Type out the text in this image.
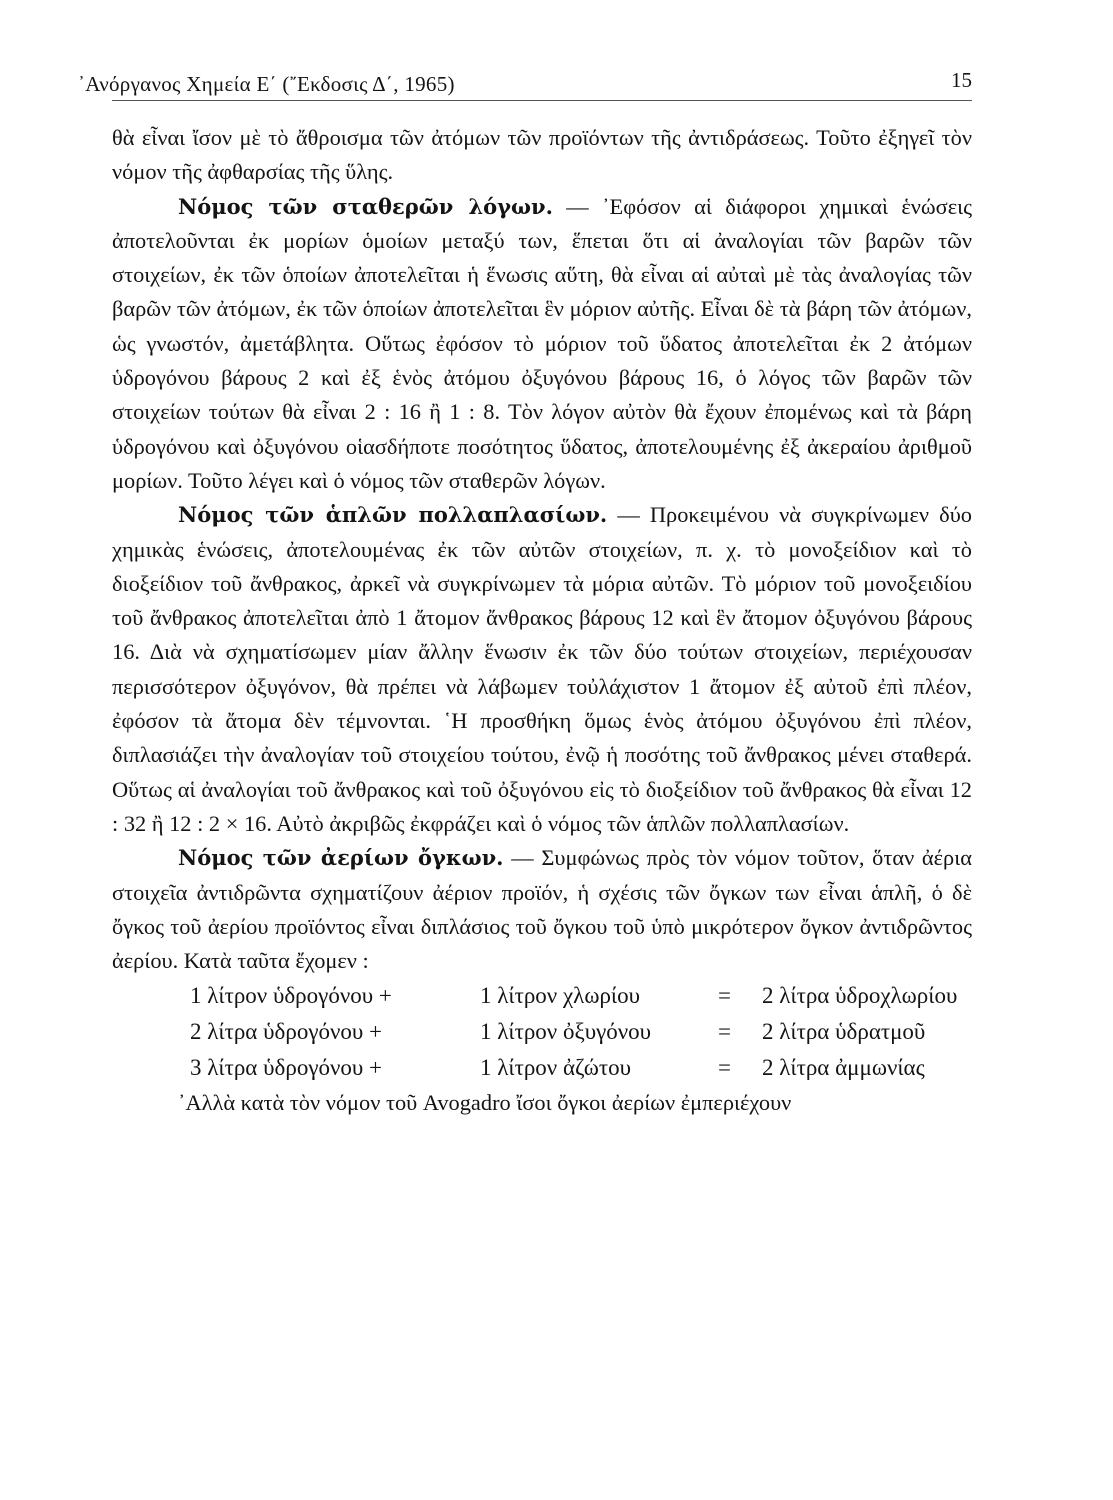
᾽Ανόργανος Χημεία Ε΄ (῎Εκδοσις Δ΄, 1965)	15

θὰ εἶναι ἴσον μὲ τὸ ἄθροισμα τῶν ἀτόμων τῶν προϊόντων τῆς ἀντιδράσεως. Τοῦτο ἐξηγεῖ τὸν νόμον τῆς ἀφθαρσίας τῆς ὕλης.

Νόμος τῶν σταθερῶν λόγων. — ᾽Εφόσον αἱ διάφοροι χημικαὶ ἑνώσεις ἀποτελοῦνται ἐκ μορίων ὁμοίων μεταξύ των, ἕπεται ὅτι αἱ ἀναλογίαι τῶν βαρῶν τῶν στοιχείων, ἐκ τῶν ὁποίων ἀποτελεῖται ἡ ἕνωσις αὕτη, θὰ εἶναι αἱ αὐταὶ μὲ τὰς ἀναλογίας τῶν βαρῶν τῶν ἀτόμων, ἐκ τῶν ὁποίων ἀποτελεῖται ἓν μόριον αὐτῆς. Εἶναι δὲ τὰ βάρη τῶν ἀτόμων, ὡς γνωστόν, ἀμετάβλητα. Οὕτως ἐφόσον τὸ μόριον τοῦ ὕδατος ἀποτελεῖται ἐκ 2 ἀτόμων ὑδρογόνου βάρους 2 καὶ ἐξ ἑνὸς ἀτόμου ὀξυγόνου βάρους 16, ὁ λόγος τῶν βαρῶν τῶν στοιχείων τούτων θὰ εἶναι 2 : 16 ἢ 1 : 8. Τὸν λόγον αὐτὸν θὰ ἔχουν ἐπομένως καὶ τὰ βάρη ὑδρογόνου καὶ ὀξυγόνου οἱασδήποτε ποσότητος ὕδατος, ἀποτελουμένης ἐξ ἀκεραίου ἀριθμοῦ μορίων. Τοῦτο λέγει καὶ ὁ νόμος τῶν σταθερῶν λόγων.

Νόμος τῶν ἁπλῶν πολλαπλασίων. — Προκειμένου νὰ συγκρίνωμεν δύο χημικὰς ἑνώσεις, ἀποτελουμένας ἐκ τῶν αὐτῶν στοιχείων, π. χ. τὸ μονοξείδιον καὶ τὸ διοξείδιον τοῦ ἄνθρακος, ἀρκεῖ νὰ συγκρίνωμεν τὰ μόρια αὐτῶν. Τὸ μόριον τοῦ μονοξειδίου τοῦ ἄνθρακος ἀποτελεῖται ἀπὸ 1 ἄτομον ἄνθρακος βάρους 12 καὶ ἓν ἄτομον ὀξυγόνου βάρους 16. Διὰ νὰ σχηματίσωμεν μίαν ἄλλην ἕνωσιν ἐκ τῶν δύο τούτων στοιχείων, περιέχουσαν περισσότερον ὀξυγόνον, θὰ πρέπει νὰ λάβωμεν τοὐλάχιστον 1 ἄτομον ἐξ αὐτοῦ ἐπὶ πλέον, ἐφόσον τὰ ἄτομα δὲν τέμνονται. ῾Η προσθήκη ὅμως ἑνὸς ἀτόμου ὀξυγόνου ἐπὶ πλέον, διπλασιάζει τὴν ἀναλογίαν τοῦ στοιχείου τούτου, ἐνῷ ἡ ποσότης τοῦ ἄνθρακος μένει σταθερά. Οὕτως αἱ ἀναλογίαι τοῦ ἄνθρακος καὶ τοῦ ὀξυγόνου εἰς τὸ διοξείδιον τοῦ ἄνθρακος θὰ εἶναι 12 : 32 ἢ 12 : 2 × 16. Αὐτὸ ἀκριβῶς ἐκφράζει καὶ ὁ νόμος τῶν ἁπλῶν πολλαπλασίων.

Νόμος τῶν ἀερίων ὄγκων. — Συμφώνως πρὸς τὸν νόμον τοῦτον, ὅταν ἀέρια στοιχεῖα ἀντιδρῶντα σχηματίζουν ἀέριον προϊόν, ἡ σχέσις τῶν ὄγκων των εἶναι ἁπλῆ, ὁ δὲ ὄγκος τοῦ ἀερίου προϊόντος εἶναι διπλάσιος τοῦ ὄγκου τοῦ ὑπὸ μικρότερον ὄγκον ἀντιδρῶντος ἀερίου. Κατὰ ταῦτα ἔχομεν :

1 λίτρον ὑδρογόνου +	1 λίτρον χλωρίου	=	2 λίτρα ὑδροχλωρίου
2 λίτρα ὑδρογόνου +	1 λίτρον ὀξυγόνου	=	2 λίτρα ὑδρατμοῦ
3 λίτρα ὑδρογόνου +	1 λίτρον ἀζώτου	=	2 λίτρα ἀμμωνίας

᾽Αλλὰ κατὰ τὸν νόμον τοῦ Avogadro ἴσοι ὄγκοι ἀερίων ἐμπεριέχουν
